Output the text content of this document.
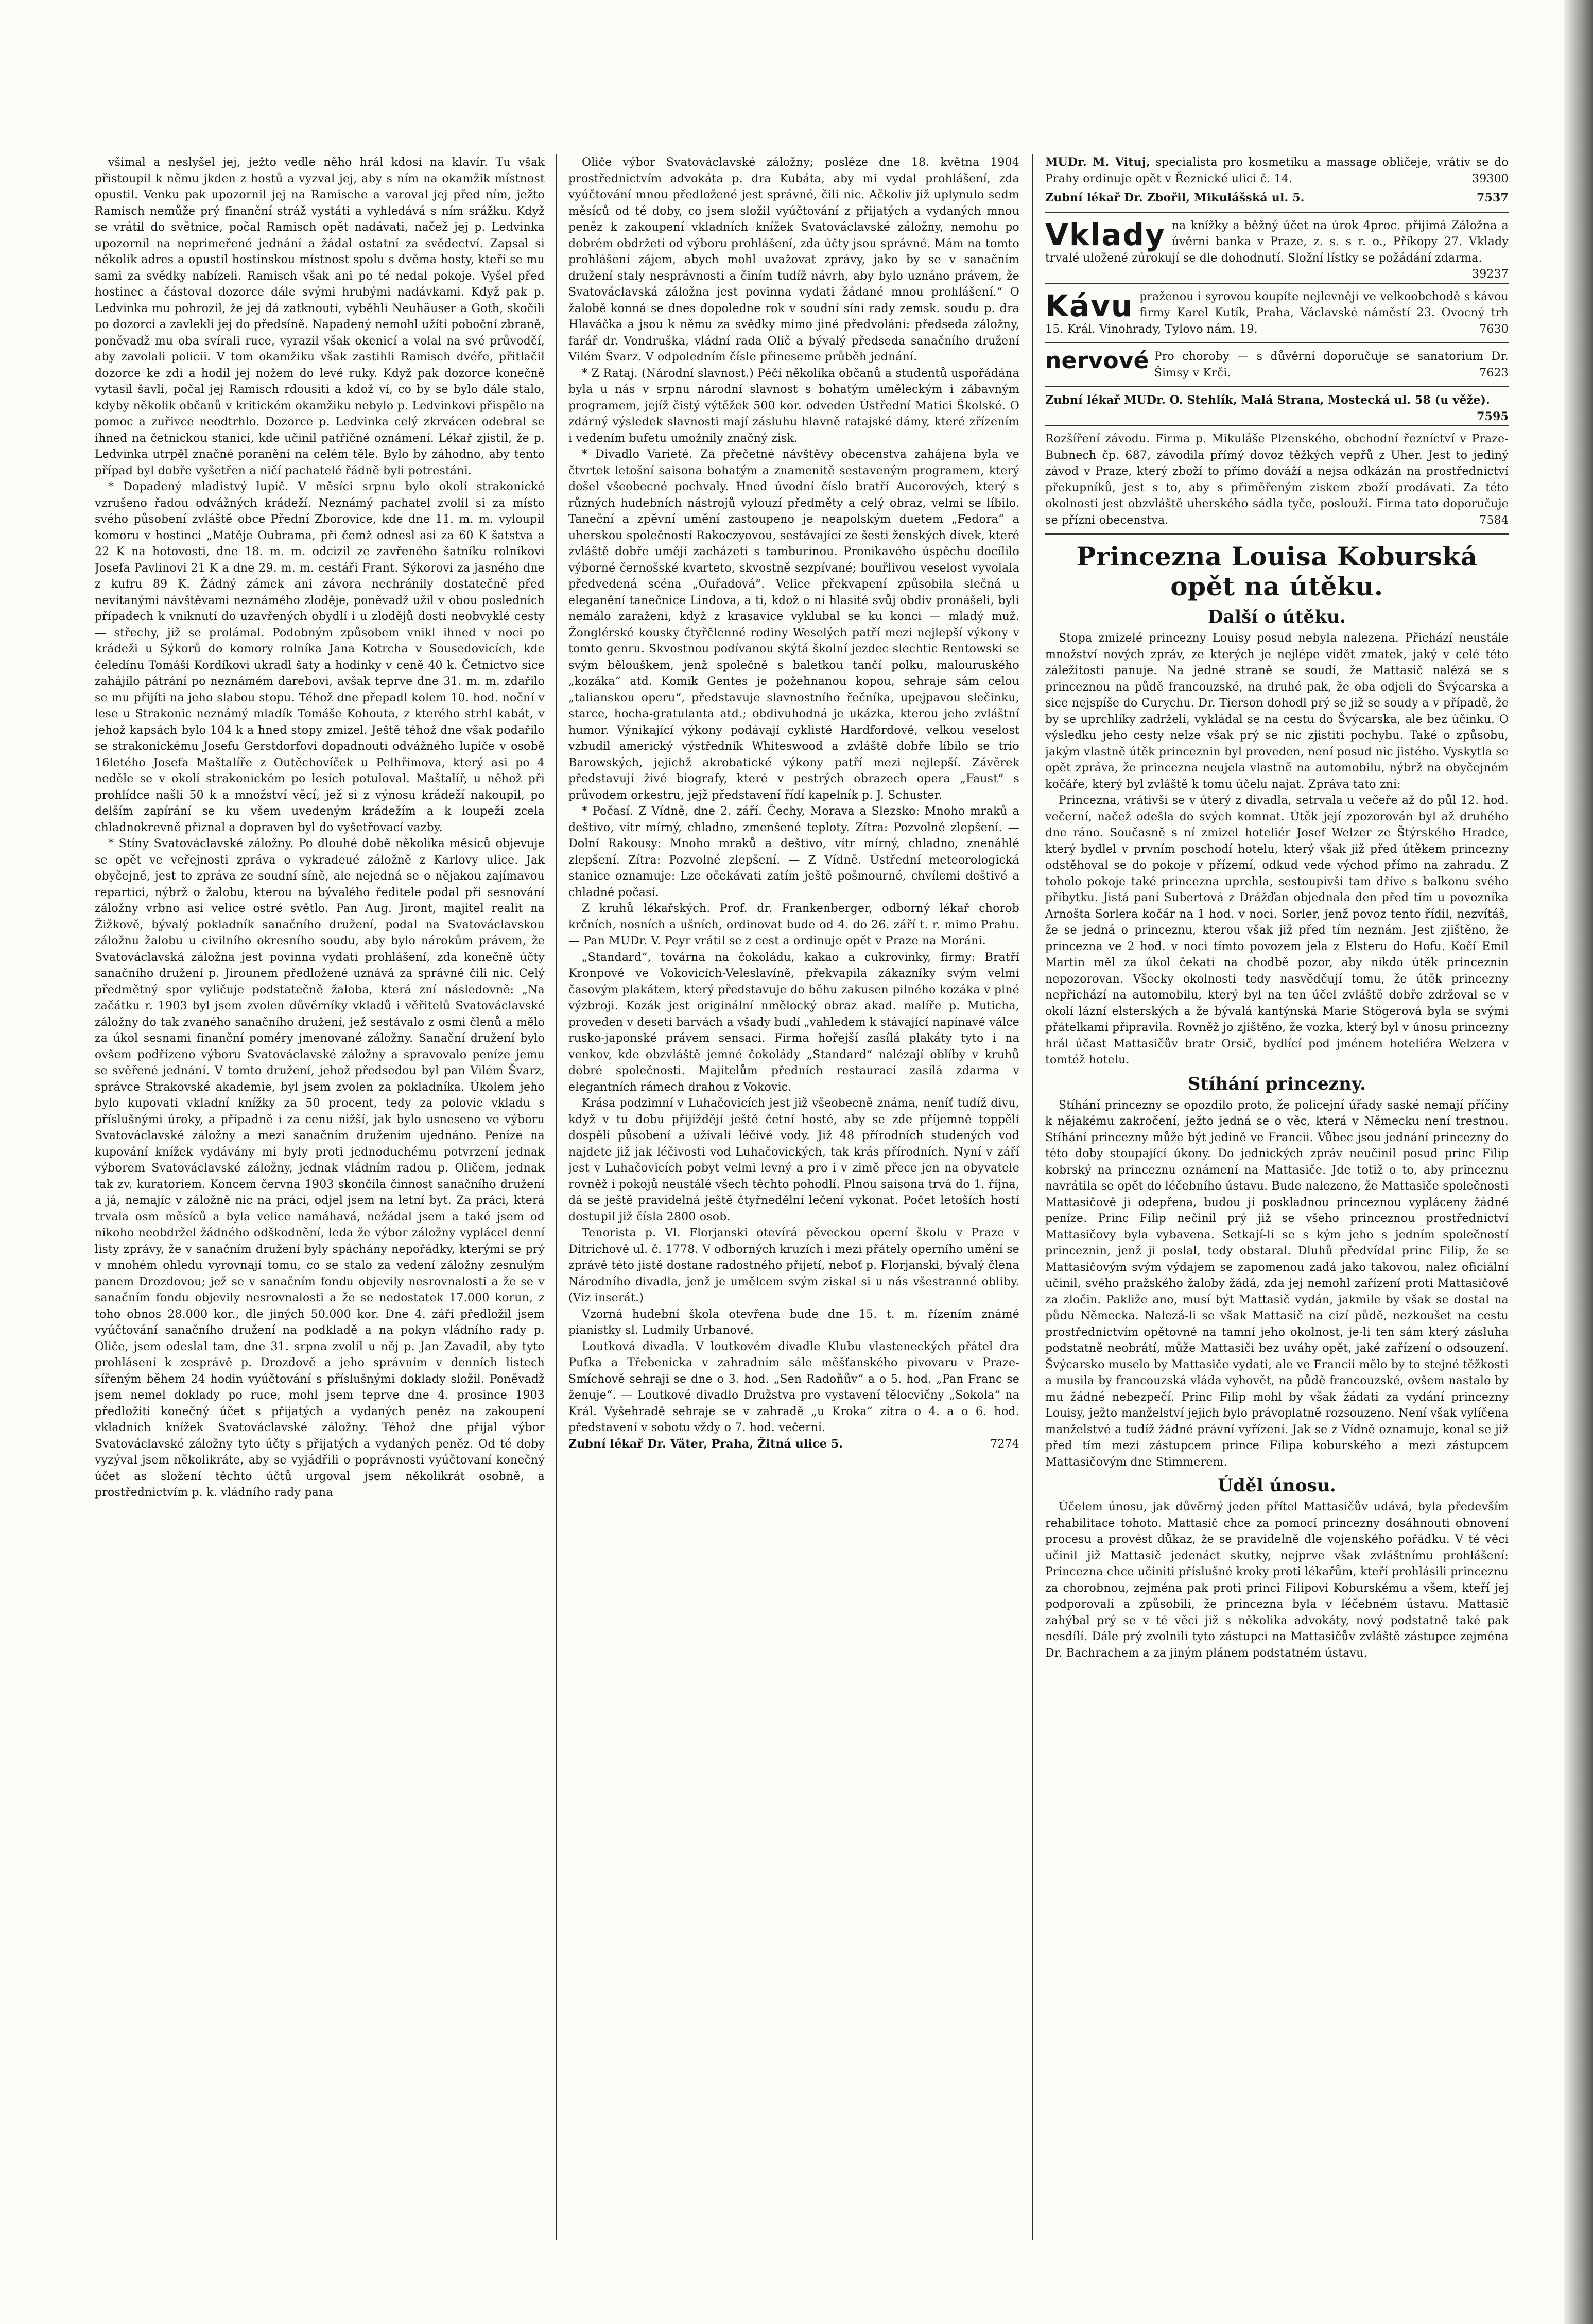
všimal a neslyšel jej, ježto vedle něho hrál kdosi na klavír. Tu však přistoupil k němu jkden z hostů a vyzval jej, aby s ním na okamžik místnost opustil. Venku pak upozornil jej na Ramische a varoval jej před ním, ježto Ramisch nemůže prý finanční stráž vystáti a vyhledává s ním srážku. Když se vrátil do světnice, počal Ramisch opět nadávati, načež jej p. Ledvinka upozornil na neprimeřené jednání a žádal ostatní za svědectví. Zapsal si několik adres a opustil hostinskou místnost spolu s dvěma hosty, kteří se mu sami za svědky nabízeli. Ramisch však ani po té nedal pokoje. Vyšel před hostinec a částoval dozorce dále svými hrubými nadávkami. Když pak p. Ledvinka mu pohrozil, že jej dá zatknouti, vyběhli Neuhäuser a Goth, skočili po dozorci a zavlekli jej do předsíně. Napadený nemohl užíti poboční zbraně, poněvadž mu oba svírali ruce, vyrazil však okenicí a volal na své průvodčí, aby zavolali policii. V tom okamžiku však zastihli Ramisch dvéře, přitlačil dozorce ke zdi a hodil jej nožem do levé ruky. Když pak dozorce konečně vytasil šavli, počal jej Ramisch rdousiti a kdož ví, co by se bylo dále stalo, kdyby několik občanů v kritickém okamžiku nebylo p. Ledvinkovi přispělo na pomoc a zuřivce neodtrhlo. Dozorce p. Ledvinka celý zkrvácen odebral se ihned na četnickou stanici, kde učinil patřičné oznámení. Lékař zjistil, že p. Ledvinka utrpěl značné poranění na celém těle. Bylo by záhodno, aby tento případ byl dobře vyšetřen a ničí pachatelé řádně byli potrestáni.

* Dopadený mladistvý lupič. V měsíci srpnu bylo okolí strakonické vzrušeno řadou odvážných krádeží. Neznámý pachatel zvolil si za místo svého působení zvláště obce Přední Zborovice, kde dne 11. m. m. vyloupil komoru v hostinci „Matěje Oubrama, při čemž odnesl asi za 60 K šatstva a 22 K na hotovosti, dne 18. m. m. odcizil ze zavřeného šatníku rolníkovi Josefa Pavlinovi 21 K a dne 29. m. m. cestáři Frant. Sýkorovi za jasného dne z kufru 89 K. Žádný zámek ani závora nechránily dostatečně před nevítanými návštěvami neznámého zloděje, poněvadž užil v obou posledních případech k vniknutí do uzavřených obydlí i u zlodějů dosti neobvyklé cesty — střechy, již se prolámal. Podobným způsobem vnikl ihned v noci po krádeži u Sýkorů do komory rolníka Jana Kotrcha v Sousedovicích, kde čeledínu Tomáši Kordíkovi ukradl šaty a hodinky v ceně 40 k. Četnictvo sice zahájilo pátrání po neznámém darebovi, avšak teprve dne 31. m. m. zdařilo se mu přijíti na jeho slabou stopu. Téhož dne přepadl kolem 10. hod. noční v lese u Strakonic neznámý mladík Tomáše Kohouta, z kterého strhl kabát, v jehož kapsách bylo 104 k a hned stopy zmizel. Ještě téhož dne však podařilo se strakonickému Josefu Gerstdorfovi dopadnouti odvážného lupiče v osobě 16letého Josefa Maštalíře z Outěchovíček u Pelhřimova, který asi po 4 neděle se v okolí strakonickém po lesích potuloval. Maštalíř, u něhož při prohlídce našli 50 k a množství věcí, jež si z výnosu krádeží nakoupil, po delším zapírání se ku všem uvedeným krádežím a k loupeži zcela chladnokrevně přiznal a dopraven byl do vyšetřovací vazby.

* Stíny Svatováclavské záložny. Po dlouhé době několika měsíců objevuje se opět ve veřejnosti zpráva o vykradeué záložně z Karlovy ulice. Jak obyčejně, jest to zpráva ze soudní síně, ale nejedná se o nějakou zajímavou repartici, nýbrž o žalobu, kterou na bývalého ředitele podal při sesnování záložny vrbno asi velice ostré světlo. Pan Aug. Jiront, majitel realit na Žižkově, bývalý pokladník sanačního družení, podal na Svatováclavskou záložnu žalobu u civilního okresního soudu, aby bylo nárokům právem, že Svatováclavská záložna jest povinna vydati prohlášení, zda konečně účty sanačního družení p. Jirounem předložené uznává za správné čili nic. Celý předmětný spor vyličuje podstatečně žaloba, která zní následovně: „Na začátku r. 1903 byl jsem zvolen důvěrníky vkladů i věřitelů Svatováclavské záložny do tak zvaného sanačního družení, jež sestávalo z osmi členů a mělo za úkol sesnami finanční pomérу jmenované záložny. Sanační družení bylo ovšem podřízeno výboru Svatováclavské záložny a spravovalo peníze jemu se svěřené jednání. V tomto družení, jehož předsedou byl pan Vilém Švarz, správce Strakovské akademie, byl jsem zvolen za pokladníka. Úkolem jeho bylo kupovati vkladní knížky za 50 procent, tedy za polovic vkladu s příslušnými úroky, a případně i za cenu nižší, jak bylo usneseno ve výboru Svatováclavské záložny a mezi sanačním družením ujednáno. Peníze na kupování knížek vydávány mi byly proti jednoduchému potvrzení jednak výborem Svatováclavské záložny, jednak vládním radou p. Oličem, jednak tak zv. kuratoriem. Koncem června 1903 skončila činnost sanačního družení a já, nemajíc v záložně nic na práci, odjel jsem na letní byt. Za práci, která trvala osm měsíců a byla velice namáhavá, nežádal jsem a také jsem od nikoho neobdržel žádného odškodnění, leda že výbor záložny vyplácel denní listy zprávy, že v sanačním družení byly spáchány nepořádky, kterými se prý v mnohém ohledu vyrovnají tomu, co se stalo za vedení záložny zesnulým panem Drozdovou; jež se v sanačním fondu objevily nesrovnalosti a že se v sanačním fondu objevily nesrovnalosti a že se nedostatek 17.000 korun, z toho obnos 28.000 kor., dle jiných 50.000 kor. Dne 4. září předložil jsem vyúčtování sanačního družení na podkladě a na pokyn vládního rady p. Oliče, jsem odeslal tam, dne 31. srpna zvolil u něj p. Jan Zavadil, aby tyto prohlásení k zesprávě p. Drozdově a jeho správním v denních listech sířeným během 24 hodin vyúčtování s příslušnými doklady složil. Poněvadž jsem nemel doklady po ruce, mohl jsem teprve dne 4. prosince 1903 předložiti konečný účet s přijatých a vydaných peněz na zakoupení vkladních knížek Svatováclavské záložny. Téhož dne přijal výbor Svatováclavské záložny tyto účty s přijatých a vydaných peněz. Od té doby vyzýval jsem několikráte, aby se vyjádřili o poprávnosti vyúčtovaní konečný účet as složení těchto účtů urgoval jsem několikrát osobně, a prostřednictvím p. k. vládního rady pana

Oliče výbor Svatováclavské záložny; posléze dne 18. května 1904 prostřednictvím advokáta p. dra Kubáta, aby mi vydal prohlášení, zda vyúčtování mnou předložené jest správné, čili nic. Ačkoliv již uplynulo sedm měsíců od té doby, co jsem složil vyúčtování z přijatých a vydaných mnou peněz k zakoupení vkladních knížek Svatováclavské záložny, nemohu po dobrém obdržeti od výboru prohlášení, zda účty jsou správné. Mám na tomto prohlášení zájem, abych mohl uvažovat zprávy, jako by se v sanačním družení staly nesprávnosti a činím tudíž návrh, aby bylo uznáno právem, že Svatováclavská záložna jest povinna vydati žádané mnou prohlášení.“ O žalobě konná se dnes dopoledne rok v soudní síni rady zemsk. soudu p. dra Hlaváčka a jsou k němu za svědky mimo jiné předvoláni: předseda záložny, farář dr. Vondruška, vládní rada Olič a bývalý předseda sanačního družení Vilém Švarz. V odpoledním čísle přineseme průběh jednání.

* Z Rataj. (Národní slavnost.) Péčí několika občanů a studentů uspořádána byla u nás v srpnu národní slavnost s bohatým uměleckým i zábavným programem, jejíž čistý výtěžek 500 kor. odveden Ústřední Matici Školské. O zdárný výsledek slavnosti mají zásluhu hlavně ratajské dámy, které zřízením i vedením bufetu umožnily značný zisk.

* Divadlo Varieté. Za přečetné návštěvy obecenstva zahájena byla ve čtvrtek letošní saisona bohatým a znamenitě sestaveným programem, který došel všeobecné pochvaly. Hned úvodní číslo bratří Aucorových, který s různých hudebních nástrojů vylouzí předměty a celý obraz, velmi se líbilo. Taneční a zpěvní umění zastoupeno je neapolským duetem „Fedora“ a uherskou společností Rakoczyovou, sestávající ze šesti ženských dívek, které zvláště dobře umějí zacházeti s tamburinou. Pronikavého úspěchu docílilo výborné černošské kvarteto, skvostně sezpívané; bouřlivou veselost vyvolala předvedená scéna „Ouřadová“. Velice překvapení způsobila slečná u eleganění tanečnice Lindova, a ti, kdož o ní hlasité svůj obdiv pronášeli, byli nemálo zaraženi, když z krasavice vyklubal se ku konci — mladý muž. Žonglérské kousky čtyřčlenné rodiny Weselých patří mezi nejlepší výkony v tomto genru. Skvostnou podívanou skýtá školní jezdec slechtic Rentowski se svým bělouškem, jenž společně s baletkou tančí polku, malouruského „kozáka“ atd. Komik Gentes je požehnanou kopou, sehraje sám celou „talianskou operu“, představuje slavnostního řečníka, upejpavou slečinku, starce, hocha-gratulanta atd.; obdivuhodná je ukázka, kterou jeho zvláštní humor. Výnikající výkony podávají cyklisté Hardfordové, velkou veselost vzbudil americký výstředník Whiteswood a zvláště dobře líbilo se trio Barowských, jejichž akrobatické výkony patří mezi nejlepší. Závěrek představují živé biografy, které v pestrých obrazech opera „Faust“ s průvodem orkestru, jejž představení řídí kapelník p. J. Schuster.

* Počasí. Z Vídně, dne 2. září. Čechy, Morava a Slezsko: Mnoho mraků a deštivo, vítr mírný, chladno, zmenšené teploty. Zítra: Pozvolné zlepšení. — Dolní Rakousy: Mnoho mraků a deštivo, vítr mírný, chladno, znenáhlé zlepšení. Zítra: Pozvolné zlepšení. — Z Vídně. Ústřední meteorologická stanice oznamuje: Lze očekávati zatím ještě pošmourné, chvílemi deštivé a chladné počasí.

Z kruhů lékařských. Prof. dr. Frankenberger, odborný lékař chorob krčních, nosních a ušních, ordinovat bude od 4. do 26. září t. r. mimo Prahu. — Pan MUDr. V. Peyr vrátil se z cest a ordinuje opět v Praze na Moráni.

„Standard“, továrna na čokoládu, kakao a cukrovinky, firmy: Bratří Kronpové ve Vokovicích-Veleslavíně, překvapila zákazníky svým velmi časovým plakátem, který představuje do běhu zakusen pilného kozáka v plné výzbroji. Kozák jest originální nmělocký obraz akad. malíře p. Muticha, proveden v deseti barvách a všady budí „vahledem k stávající napínavé válce rusko-japonské právem sensaci. Firma hořejší zasílá plakáty tyto i na venkov, kde obzvláště jemné čokolády „Standard“ nalézají oblíby v kruhů dobré společnosti. Majitelům předních restaurací zasílá zdarma v elegantních rámech drahou z Vokovic.

Krása podzimní v Luhačovicích jest již všeobecně známa, neníť tudíž divu, když v tu dobu přijíždějí ještě četní hosté, aby se zde příjemně toppěli dospěli působení a užívali léčivé vody. Již 48 přírodních studených vod najdete již jak léčivosti vod Luhačovických, tak krás přírodních. Nyní v září jest v Luhačovicích pobyt velmi levný a pro i v zimě přece jen na obyvatele rovněž i pokojů neustálé všech těchto pohodlí. Plnou saisona trvá do 1. října, dá se ještě pravidelná ještě čtyřnedělní lečení vykonat. Počet letoších hostí dostupil již čísla 2800 osob.

Tenorista p. Vl. Florjanski otevírá pěveckou operní školu v Praze v Ditrichově ul. č. 1778. V odborných kruzích i mezi přátely operního umění se zprávě této jistě dostane radostného přijetí, neboť p. Florjanski, bývalý člena Národního divadla, jenž je umělcem svým ziskal si u nás všestranné obliby. (Viz inserát.)

Vzorná hudební škola otevřena bude dne 15. t. m. řízením známé pianistky sl. Ludmily Urbanové.

Loutková divadla. V loutkovém divadle Klubu vlasteneckých přátel dra Puťka a Třebenicka v zahradním sále měšťanského pivovaru v Praze-Smíchově sehraji se dne o 3. hod. „Sen Radoňův“ a o 5. hod. „Pan Franc se ženuje“. — Loutkové divadlo Družstva pro vystavení tělocvičny „Sokola“ na Král. Vyšehradě sehraje se v zahradě „u Kroka“ zítra o 4. a o 6. hod. představení v sobotu vždy o 7. hod. večerní.

Zubní lékař Dr. Väter, Praha, Žitná ulice 5.	7274

MUDr. M. Vituj, specialista pro kosmetiku a massage obličeje, vrátiv se do Prahy ordinuje opět v Řeznické ulici č. 14.	39300
Zubní lékař Dr. Zbořil, Mikulášská ul. 5.	7537
Vklady na knížky a běžný účet na úrok 4proc. přijímá Záložna a úvěrní banka v Praze, z. s. s r. o., Příkopy 27. Vklady trvalé uložené zúrokují se dle dohodnutí. Složní lístky se požádání zdarma.
39237
Kávu praženou i syrovou koupíte nejlevněji ve velkoobchodě s kávou firmy Karel Kutík, Praha, Václavské náměstí 23. Ovocný trh 15. Král. Vinohrady, Tylovo nám. 19.	7630
nervové Pro choroby — s důvěrní doporučuje se sanatorium Dr. Šimsy v Krči.	7623
Zubní lékař MUDr. O. Stehlík, Malá Strana, Mostecká ul. 58 (u věže).
7595
Rozšíření závodu. Firma p. Mikuláše Plzenského, obchodní řezníctví v Praze-Bubnech čp. 687, závodila přímý dovoz těžkých vepřů z Uher. Jest to jediný závod v Praze, který zboží to přímo dováží a nejsa odkázán na prostřednictví překupníků, jest s to, aby s přiměřeným ziskem zboží prodávati. Za této okolnosti jest obzvláště uherského sádla tyče, poslouží. Firma tato doporučuje se přízni obecenstva.	7584
Princezna Louisa Koburská opět na útěku.
Další o útěku.

Stopa zmizelé princezny Louisy posud nebyla nalezena. Přichází neustále množství nových zpráv, ze kterých je nejlépe vidět zmatek, jaký v celé této záležitosti panuje. Na jedné straně se soudí, že Mattasič nalézá se s princeznou na půdě francouzské, na druhé pak, že oba odjeli do Švýcarska a sice nejspíše do Curychu. Dr. Tierson dohodl prý se již se soudy a v případě, že by se uprchlíky zadrželi, vykládal se na cestu do Švýcarska, ale bez účinku. O výsledku jeho cesty nelze však prý se nic zjistiti pochybu. Také o způsobu, jakým vlastně útěk princeznin byl proveden, není posud nic jistého. Vyskytla se opět zpráva, že princezna neujela vlastně na automobilu, nýbrž na obyčejném kočáře, který byl zvláště k tomu účelu najat. Zpráva tato zní:

Princezna, vrátivši se v úterý z divadla, setrvala u večeře až do půl 12. hod. večerní, načež odešla do svých komnat. Útěk její zpozorován byl až druhého dne ráno. Současně s ní zmizel hoteliér Josef Welzer ze Štýrského Hradce, který bydlel v prvním poschodí hotelu, který však již před útěkem princezny odstěhoval se do pokoje v přízemí, odkud vede východ přímo na zahradu. Z toholo pokoje také princezna uprchla, sestoupivši tam dříve s balkonu svého příbytku. Jistá paní Subertová z Drážďan objednala den před tím u povozníka Arnošta Sorlera kočár na 1 hod. v noci. Sorler, jenž povoz tento řídil, nezvítáš, že se jedná o princeznu, kterou však již před tím neznám. Jest zjištěno, že princezna ve 2 hod. v noci tímto povozem jela z Elsteru do Hofu. Kočí Emil Martin měl za úkol čekati na chodbě pozor, aby nikdo útěk princeznin nepozorovan. Všecky okolnosti tedy nasvědčují tomu, že útěk princezny nepřichází na automobilu, který byl na ten účel zvláště dobře zdržoval se v okolí lázní elsterských a že bývalá kantýnská Marie Stögerová byla se svými přátelkami připravila. Rovněž jo zjištěno, že vozka, který byl v únosu princezny hrál účast Mattasičův bratr Orsič, bydlící pod jménem hoteliéra Welzera v tomtéž hotelu.

Stíhání princezny.

Stíhání princezny se opozdilo proto, že policejní úřady saské nemají příčiny k nějakému zakročení, ježto jedná se o věc, která v Německu není trestnou. Stíhání princezny může být jedině ve Francii. Vůbec jsou jednání princezny do této doby stoupající úkony. Do jednických zpráv neučinil posud princ Filip kobrský na princeznu oznámení na Mattasiče. Jde totiž o to, aby princeznu navrátila se opět do léčebního ústavu. Bude nalezeno, že Mattasiče společnosti Mattasičově ji odepřena, budou jí poskladnou princeznou vypláceny žádné peníze. Princ Filip nečinil prý již se všeho princeznou prostřednictví Mattasičovy byla vybavena. Setkají-li se s kým jeho s jedním společností princeznin, jenž ji poslal, tedy obstaral. Dluhů předvídal princ Filip, že se Mattasičovým svým výdajem se zapomenou zadá jako takovou, nalez oficiální učinil, svého pražského žaloby žádá, zda jej nemohl zařízení proti Mattasičově za zločin. Pakliže ano, musí být Mattasič vydán, jakmile by však se dostal na půdu Německa. Nalezá-li se však Mattasič na cizí půdě, nezkoušet na cestu prostřednictvím opětovné na tamní jeho okolnost, je-li ten sám který zásluha podstatně neobrátí, může Mattasiči bez uváhy opět, jaké zařízení o odsouzení. Švýcarsko muselo by Mattasiče vydati, ale ve Francii mělo by to stejné těžkosti a musila by francouzská vláda vyhovět, na půdě francouzské, ovšem nastalo by mu žádné nebezpečí. Princ Filip mohl by však žádati za vydání princezny Louisy, ježto manželství jejich bylo právoplatně rozsouzeno. Není však vylíčena manželstvé a tudíž žádné právní vyřízení. Jak se z Vídně oznamuje, konal se již před tím mezi zástupcem prince Filipa koburského a mezi zástupcem Mattasičovým dne Stimmerem.

Úděl únosu.

Účelem únosu, jak důvěrný jeden přítel Mattasičův udává, byla především rehabilitace tohoto. Mattasič chce za pomocí princezny dosáhnouti obnovení procesu a provést důkaz, že se pravidelně dle vojenského pořádku. V té věci učinil již Mattasič jedenáct skutky, nejprve však zvláštnímu prohlášení: Princezna chce učiniti příslušné kroky proti lékařům, kteří prohlásili princeznu za chorobnou, zejména pak proti princi Filipovi Koburskému a všem, kteří jej podporovali a způsobili, že princezna byla v léčebném ústavu. Mattasič zahýbal prý se v té věci již s několika advokáty, nový podstatně také pak nesdílí. Dále prý zvolnili tyto zástupci na Mattasičův zvláště zástupce zejména Dr. Bachrachem a za jiným plánem podstatném ústavu.
